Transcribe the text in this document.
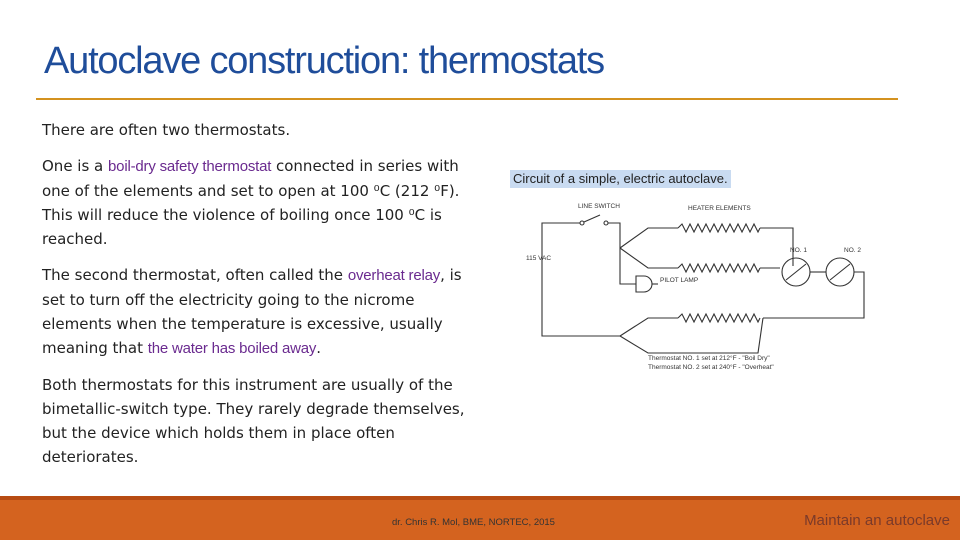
Autoclave construction: thermostats

There are often two thermostats.

One is a boil-dry safety thermostat connected in series with one of the elements and set to open at 100 ⁰C (212 ⁰F). This will reduce the violence of boiling once 100 ⁰C is reached.

The second thermostat, often called the overheat relay, is set to turn off the electricity going to the nicrome elements when the temperature is excessive, usually meaning that the water has boiled away.

Both thermostats for this instrument are usually of the bimetallic-switch type. They rarely degrade themselves, but the device which holds them in place often deteriorates.

HEATER ELEMENTS
LINE SWITCH
115 VAC
PILOT LAMP
NO. 1	NO. 2
Thermostat NO. 1 set at 212°F - "Boil Dry"
Thermostat NO. 2 set at 240°F - "Overheat"
Circuit of a simple, electric autoclave.
dr. Chris R. Mol, BME, NORTEC, 2015	Maintain an autoclave
